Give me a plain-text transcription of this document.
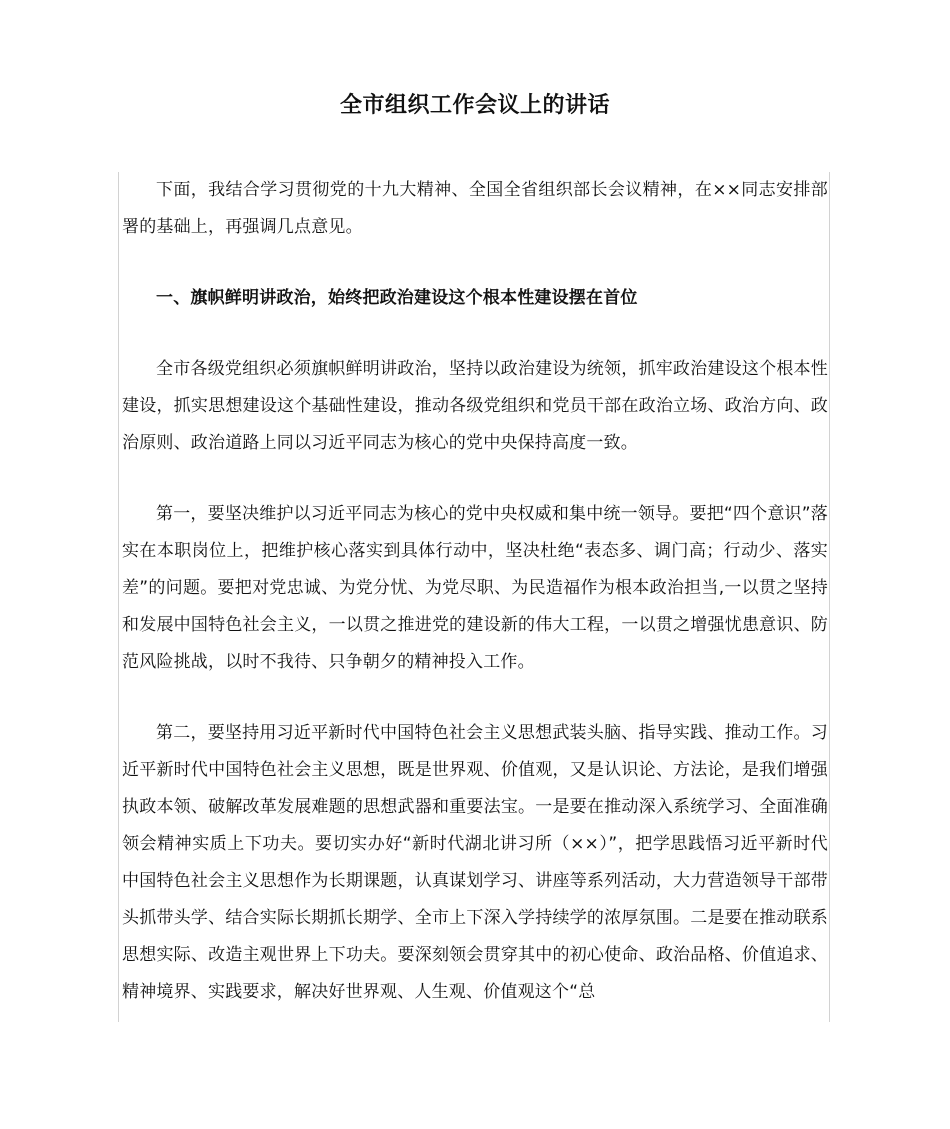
全市组织工作会议上的讲话

下面，我结合学习贯彻党的十九大精神、全国全省组织部长会议精神，在××同志安排部署的基础上，再强调几点意见。

一、旗帜鲜明讲政治，始终把政治建设这个根本性建设摆在首位

全市各级党组织必须旗帜鲜明讲政治，坚持以政治建设为统领，抓牢政治建设这个根本性建设，抓实思想建设这个基础性建设，推动各级党组织和党员干部在政治立场、政治方向、政治原则、政治道路上同以习近平同志为核心的党中央保持高度一致。

第一，要坚决维护以习近平同志为核心的党中央权威和集中统一领导。要把“四个意识”落实在本职岗位上，把维护核心落实到具体行动中，坚决杜绝“表态多、调门高；行动少、落实差”的问题。要把对党忠诚、为党分忧、为党尽职、为民造福作为根本政治担当,一以贯之坚持和发展中国特色社会主义，一以贯之推进党的建设新的伟大工程，一以贯之增强忧患意识、防范风险挑战，以时不我待、只争朝夕的精神投入工作。

第二，要坚持用习近平新时代中国特色社会主义思想武装头脑、指导实践、推动工作。习近平新时代中国特色社会主义思想，既是世界观、价值观，又是认识论、方法论，是我们增强执政本领、破解改革发展难题的思想武器和重要法宝。一是要在推动深入系统学习、全面准确领会精神实质上下功夫。要切实办好“新时代湖北讲习所（××）”，把学思践悟习近平新时代中国特色社会主义思想作为长期课题，认真谋划学习、讲座等系列活动，大力营造领导干部带头抓带头学、结合实际长期抓长期学、全市上下深入学持续学的浓厚氛围。二是要在推动联系思想实际、改造主观世界上下功夫。要深刻领会贯穿其中的初心使命、政治品格、价值追求、精神境界、实践要求，解决好世界观、人生观、价值观这个“总
